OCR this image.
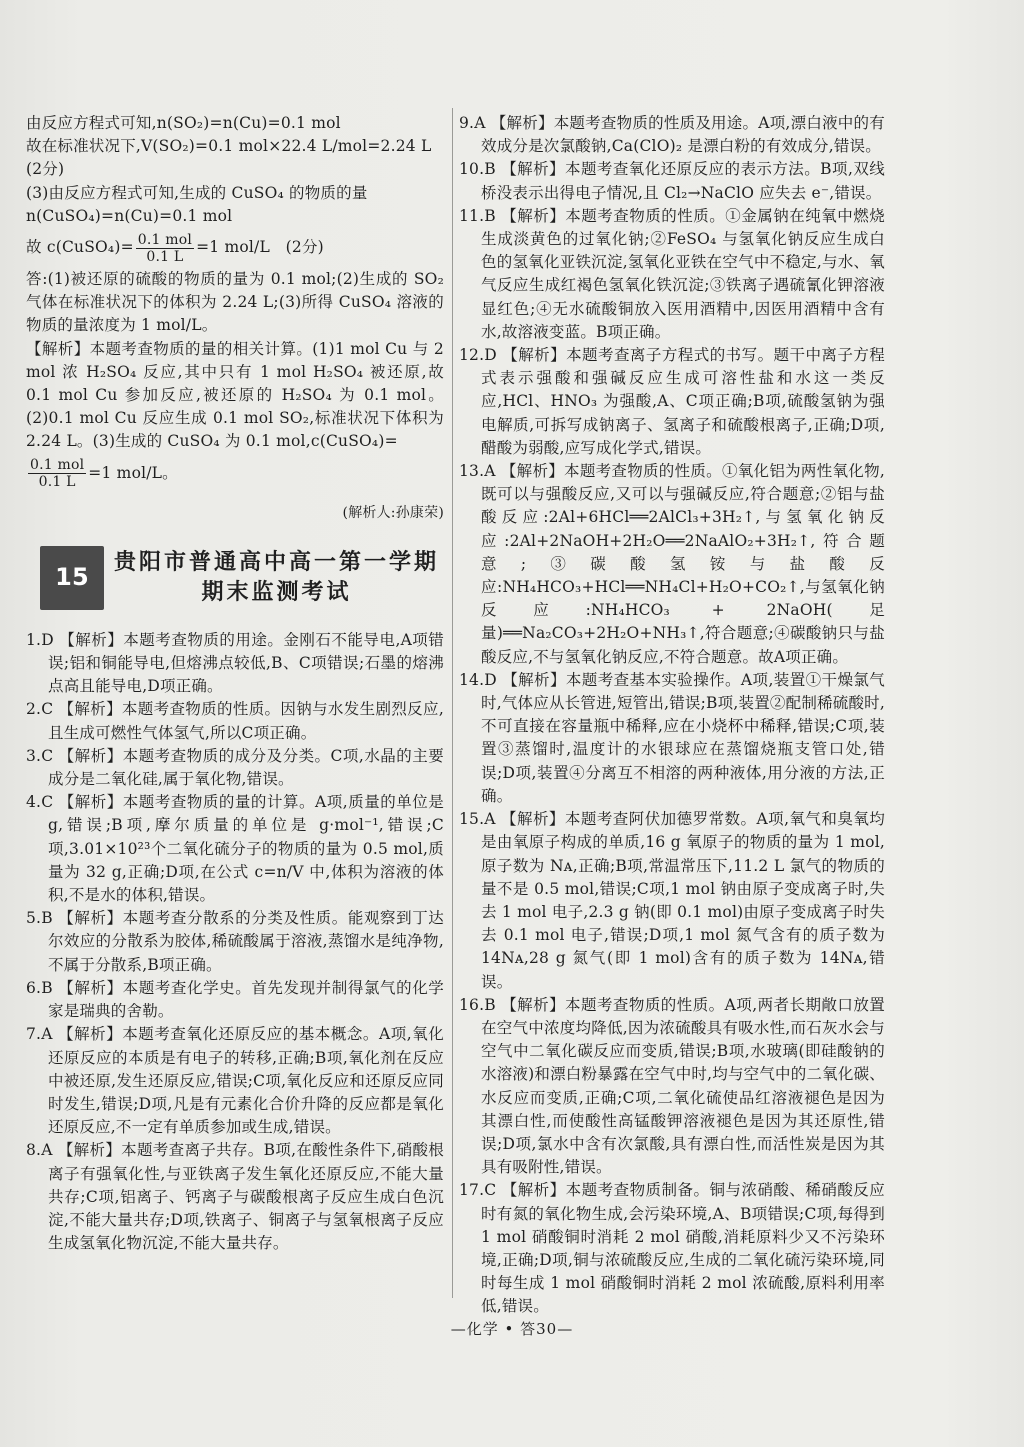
由反应方程式可知,n(SO₂)=n(Cu)=0.1 mol

故在标准状况下,V(SO₂)=0.1 mol×22.4 L/mol=2.24 L

(2分)

(3)由反应方程式可知,生成的 CuSO₄ 的物质的量

n(CuSO₄)=n(Cu)=0.1 mol

故 c(CuSO₄)= $\frac{\text{0.1 mol}}{0.1 L} =1$ mol/L　(2分)

答:(1)被还原的硫酸的物质的量为 0.1 mol;(2)生成的 SO₂ 气体在标准状况下的体积为 2.24 L;(3)所得 CuSO₄ 溶液的物质的量浓度为 1 mol/L。

【解析】本题考查物质的量的相关计算。(1)1 mol Cu 与 2 mol 浓 H₂SO₄ 反应,其中只有 1 mol H₂SO₄ 被还原,故 0.1 mol Cu 参加反应,被还原的 H₂SO₄ 为 0.1 mol。(2)0.1 mol Cu 反应生成 0.1 mol SO₂,标准状况下体积为 2.24 L。(3)生成的 CuSO₄ 为 0.1 mol,c(CuSO₄)=

$\frac{\text{0.1 mol}}{0.1 L} =1$ mol/L。

(解析人:孙康荣)

15
贵阳市普通高中高一第一学期
期末监测考试

1.D 【解析】本题考查物质的用途。金刚石不能导电,A项错误;铝和铜能导电,但熔沸点较低,B、C项错误;石墨的熔沸点高且能导电,D项正确。

2.C 【解析】本题考查物质的性质。因钠与水发生剧烈反应,且生成可燃性气体氢气,所以C项正确。

3.C 【解析】本题考查物质的成分及分类。C项,水晶的主要成分是二氧化硅,属于氧化物,错误。

4.C 【解析】本题考查物质的量的计算。A项,质量的单位是g,错误;B项,摩尔质量的单位是 g·mol⁻¹,错误;C项,3.01×10²³个二氧化硫分子的物质的量为 0.5 mol,质量为 32 g,正确;D项,在公式 c=n/V 中,体积为溶液的体积,不是水的体积,错误。

5.B 【解析】本题考查分散系的分类及性质。能观察到丁达尔效应的分散系为胶体,稀硫酸属于溶液,蒸馏水是纯净物,不属于分散系,B项正确。

6.B 【解析】本题考查化学史。首先发现并制得氯气的化学家是瑞典的舍勒。

7.A 【解析】本题考查氧化还原反应的基本概念。A项,氧化还原反应的本质是有电子的转移,正确;B项,氧化剂在反应中被还原,发生还原反应,错误;C项,氧化反应和还原反应同时发生,错误;D项,凡是有元素化合价升降的反应都是氧化还原反应,不一定有单质参加或生成,错误。

8.A 【解析】本题考查离子共存。B项,在酸性条件下,硝酸根离子有强氧化性,与亚铁离子发生氧化还原反应,不能大量共存;C项,铝离子、钙离子与碳酸根离子反应生成白色沉淀,不能大量共存;D项,铁离子、铜离子与氢氧根离子反应生成氢氧化物沉淀,不能大量共存。

9.A 【解析】本题考查物质的性质及用途。A项,漂白液中的有效成分是次氯酸钠,Ca(ClO)₂ 是漂白粉的有效成分,错误。

10.B 【解析】本题考查氧化还原反应的表示方法。B项,双线桥没表示出得电子情况,且 Cl₂→NaClO 应失去 e⁻,错误。

11.B 【解析】本题考查物质的性质。①金属钠在纯氧中燃烧生成淡黄色的过氧化钠;②FeSO₄ 与氢氧化钠反应生成白色的氢氧化亚铁沉淀,氢氧化亚铁在空气中不稳定,与水、氧气反应生成红褐色氢氧化铁沉淀;③铁离子遇硫氰化钾溶液显红色;④无水硫酸铜放入医用酒精中,因医用酒精中含有水,故溶液变蓝。B项正确。

12.D 【解析】本题考查离子方程式的书写。题干中离子方程式表示强酸和强碱反应生成可溶性盐和水这一类反应,HCl、HNO₃ 为强酸,A、C项正确;B项,硫酸氢钠为强电解质,可拆写成钠离子、氢离子和硫酸根离子,正确;D项,醋酸为弱酸,应写成化学式,错误。

13.A 【解析】本题考查物质的性质。①氧化铝为两性氧化物,既可以与强酸反应,又可以与强碱反应,符合题意;②铝与盐酸反应:2Al+6HCl══2AlCl₃+3H₂↑,与氢氧化钠反应:2Al+2NaOH+2H₂O══2NaAlO₂+3H₂↑,符合题意;③碳酸氢铵与盐酸反应:NH₄HCO₃+HCl══NH₄Cl+H₂O+CO₂↑,与氢氧化钠反应:NH₄HCO₃ + 2NaOH(足量)══Na₂CO₃+2H₂O+NH₃↑,符合题意;④碳酸钠只与盐酸反应,不与氢氧化钠反应,不符合题意。故A项正确。

14.D 【解析】本题考查基本实验操作。A项,装置①干燥氯气时,气体应从长管进,短管出,错误;B项,装置②配制稀硫酸时,不可直接在容量瓶中稀释,应在小烧杯中稀释,错误;C项,装置③蒸馏时,温度计的水银球应在蒸馏烧瓶支管口处,错误;D项,装置④分离互不相溶的两种液体,用分液的方法,正确。

15.A 【解析】本题考查阿伏加德罗常数。A项,氧气和臭氧均是由氧原子构成的单质,16 g 氧原子的物质的量为 1 mol,原子数为 Nᴀ,正确;B项,常温常压下,11.2 L 氯气的物质的量不是 0.5 mol,错误;C项,1 mol 钠由原子变成离子时,失去 1 mol 电子,2.3 g 钠(即 0.1 mol)由原子变成离子时失去 0.1 mol 电子,错误;D项,1 mol 氮气含有的质子数为 14Nᴀ,28 g 氮气(即 1 mol)含有的质子数为 14Nᴀ,错误。

16.B 【解析】本题考查物质的性质。A项,两者长期敞口放置在空气中浓度均降低,因为浓硫酸具有吸水性,而石灰水会与空气中二氧化碳反应而变质,错误;B项,水玻璃(即硅酸钠的水溶液)和漂白粉暴露在空气中时,均与空气中的二氧化碳、水反应而变质,正确;C项,二氧化硫使品红溶液褪色是因为其漂白性,而使酸性高锰酸钾溶液褪色是因为其还原性,错误;D项,氯水中含有次氯酸,具有漂白性,而活性炭是因为其具有吸附性,错误。

17.C 【解析】本题考查物质制备。铜与浓硝酸、稀硝酸反应时有氮的氧化物生成,会污染环境,A、B项错误;C项,每得到 1 mol 硝酸铜时消耗 2 mol 硝酸,消耗原料少又不污染环境,正确;D项,铜与浓硫酸反应,生成的二氧化硫污染环境,同时每生成 1 mol 硝酸铜时消耗 2 mol 浓硫酸,原料利用率低,错误。

—化学 • 答30—
